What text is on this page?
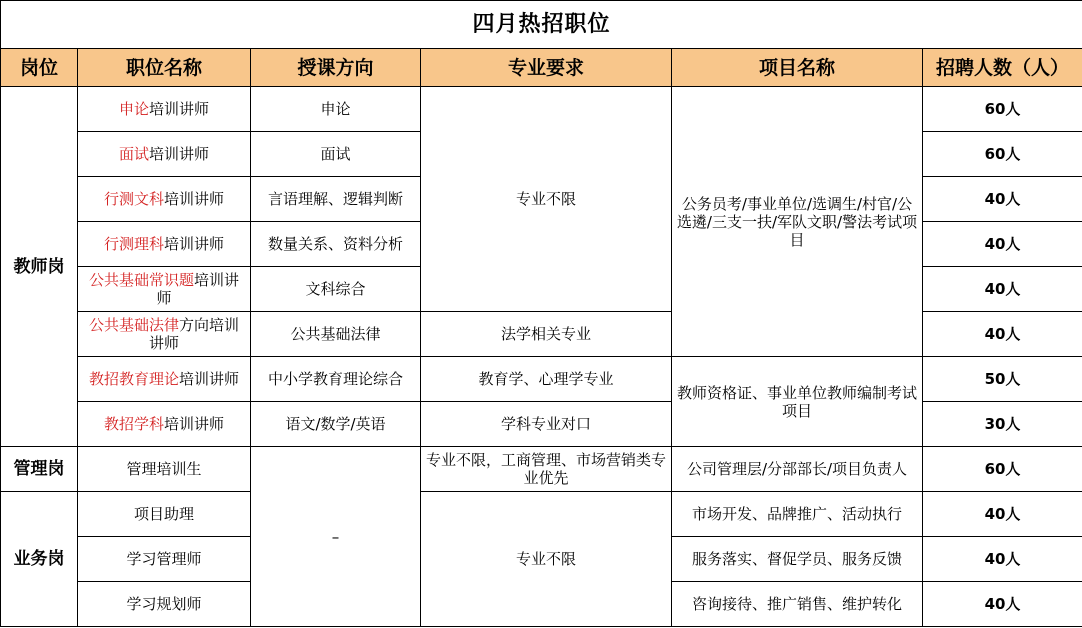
四月热招职位					
岗位	职位名称	授课方向	专业要求	项目名称	招聘人数（人）
教师岗	申论培训讲师	申论	专业不限	公务员考/事业单位/选调生/村官/公选遴/三支一扶/军队文职/警法考试项目	60人
	面试培训讲师	面试			60人
	行测文科培训讲师	言语理解、逻辑判断			40人
	行测理科培训讲师	数量关系、资料分析			40人
	公共基础常识题培训讲师	文科综合			40人
	公共基础法律方向培训讲师	公共基础法律	法学相关专业		40人
	教招教育理论培训讲师	中小学教育理论综合	教育学、心理学专业	教师资格证、事业单位教师编制考试项目	50人
	教招学科培训讲师	语文/数学/英语	学科专业对口		30人
管理岗	管理培训生	–	专业不限，工商管理、市场营销类专业优先	公司管理层/分部部长/项目负责人	60人
业务岗	项目助理		专业不限	市场开发、品牌推广、活动执行	40人
	学习管理师			服务落实、督促学员、服务反馈	40人
	学习规划师			咨询接待、推广销售、维护转化	40人
